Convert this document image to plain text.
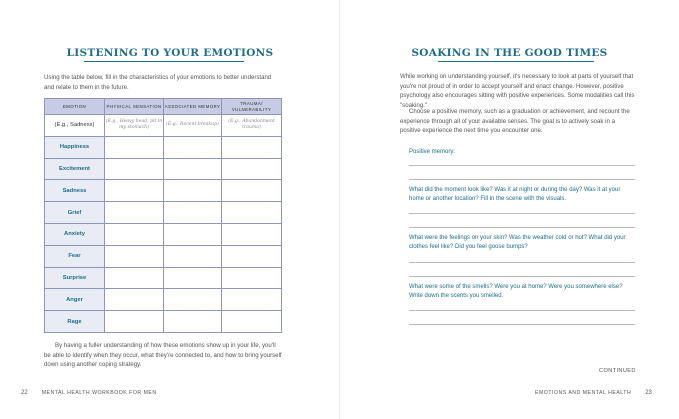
LISTENING TO YOUR EMOTIONS
Using the table below, fill in the characteristics of your emotions to better understand and relate to them in the future.
EMOTION	PHYSICAL SENSATION ASSOCIATED MEMORY
TRAUMA/ VULNERABILITY
(E.g., Sadness)
(E.g., Heavy head, pit in my stomach)
(E.g., Recent breakup)
(E.g., Abandonment trauma)
Happiness
Excitement
Sadness
Grief
Anxiety
Fear
Surprise
Anger
Rage
By having a fuller understanding of how these emotions show up in your life, you'll be able to identify when they occur, what they're connected to, and how to bring yourself down using another coping strategy.
22	MENTAL HEALTH WORKBOOK FOR MEN
SOAKING IN THE GOOD TIMES
While working on understanding yourself, it's necessary to look at parts of yourself that you're not proud of in order to accept yourself and enact change. However, positive psychology also encourages sitting with positive experiences. Some modalities call this "soaking."
Choose a positive memory, such as a graduation or achievement, and recount the experience through all of your available senses. The goal is to actively soak in a positive experience the next time you encounter one.
Positive memory:
What did the moment look like? Was it at night or during the day? Was it at your home or another location? Fill in the scene with the visuals.
What were the feelings on your skin? Was the weather cold or hot? What did your clothes feel like? Did you feel goose bumps?
What were some of the smells? Were you at home? Were you somewhere else? Write down the scents you smelled.
CONTINUED
EMOTIONS AND MENTAL HEALTH 23
